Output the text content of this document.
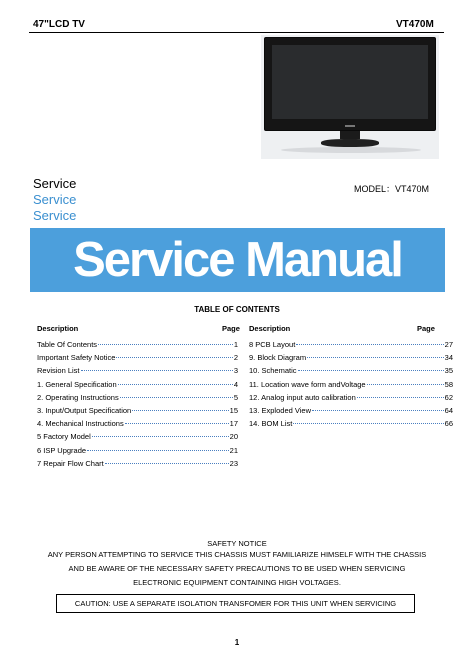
47"LCD TV	VT470M
Service
Service
Service
MODEL：VT470M
Service Manual
TABLE OF CONTENTS
Description	Page Description	Page
Table Of Contents	1
Important Safety Notice	2
Revision List	3
1. General Specification	4
2. Operating Instructions	5
3. Input/Output Specification	15
4. Mechanical Instructions	17
5 Factory Model	20
6 ISP Upgrade	21
7 Repair Flow Chart	23
8 PCB Layout	27
9. Block Diagram	34
10. Schematic	35
11. Location wave form andVoltage	58
12. Analog input auto calibration	62
13. Exploded View	64
14. BOM List	66
SAFETY NOTICE
ANY PERSON ATTEMPTING TO SERVICE THIS CHASSIS MUST FAMILIARIZE HIMSELF WITH THE CHASSIS
AND BE AWARE OF THE NECESSARY SAFETY PRECAUTIONS TO BE USED WHEN SERVICING
ELECTRONIC EQUIPMENT CONTAINING HIGH VOLTAGES.
CAUTION: USE A SEPARATE ISOLATION TRANSFOMER FOR THIS UNIT WHEN SERVICING
1
